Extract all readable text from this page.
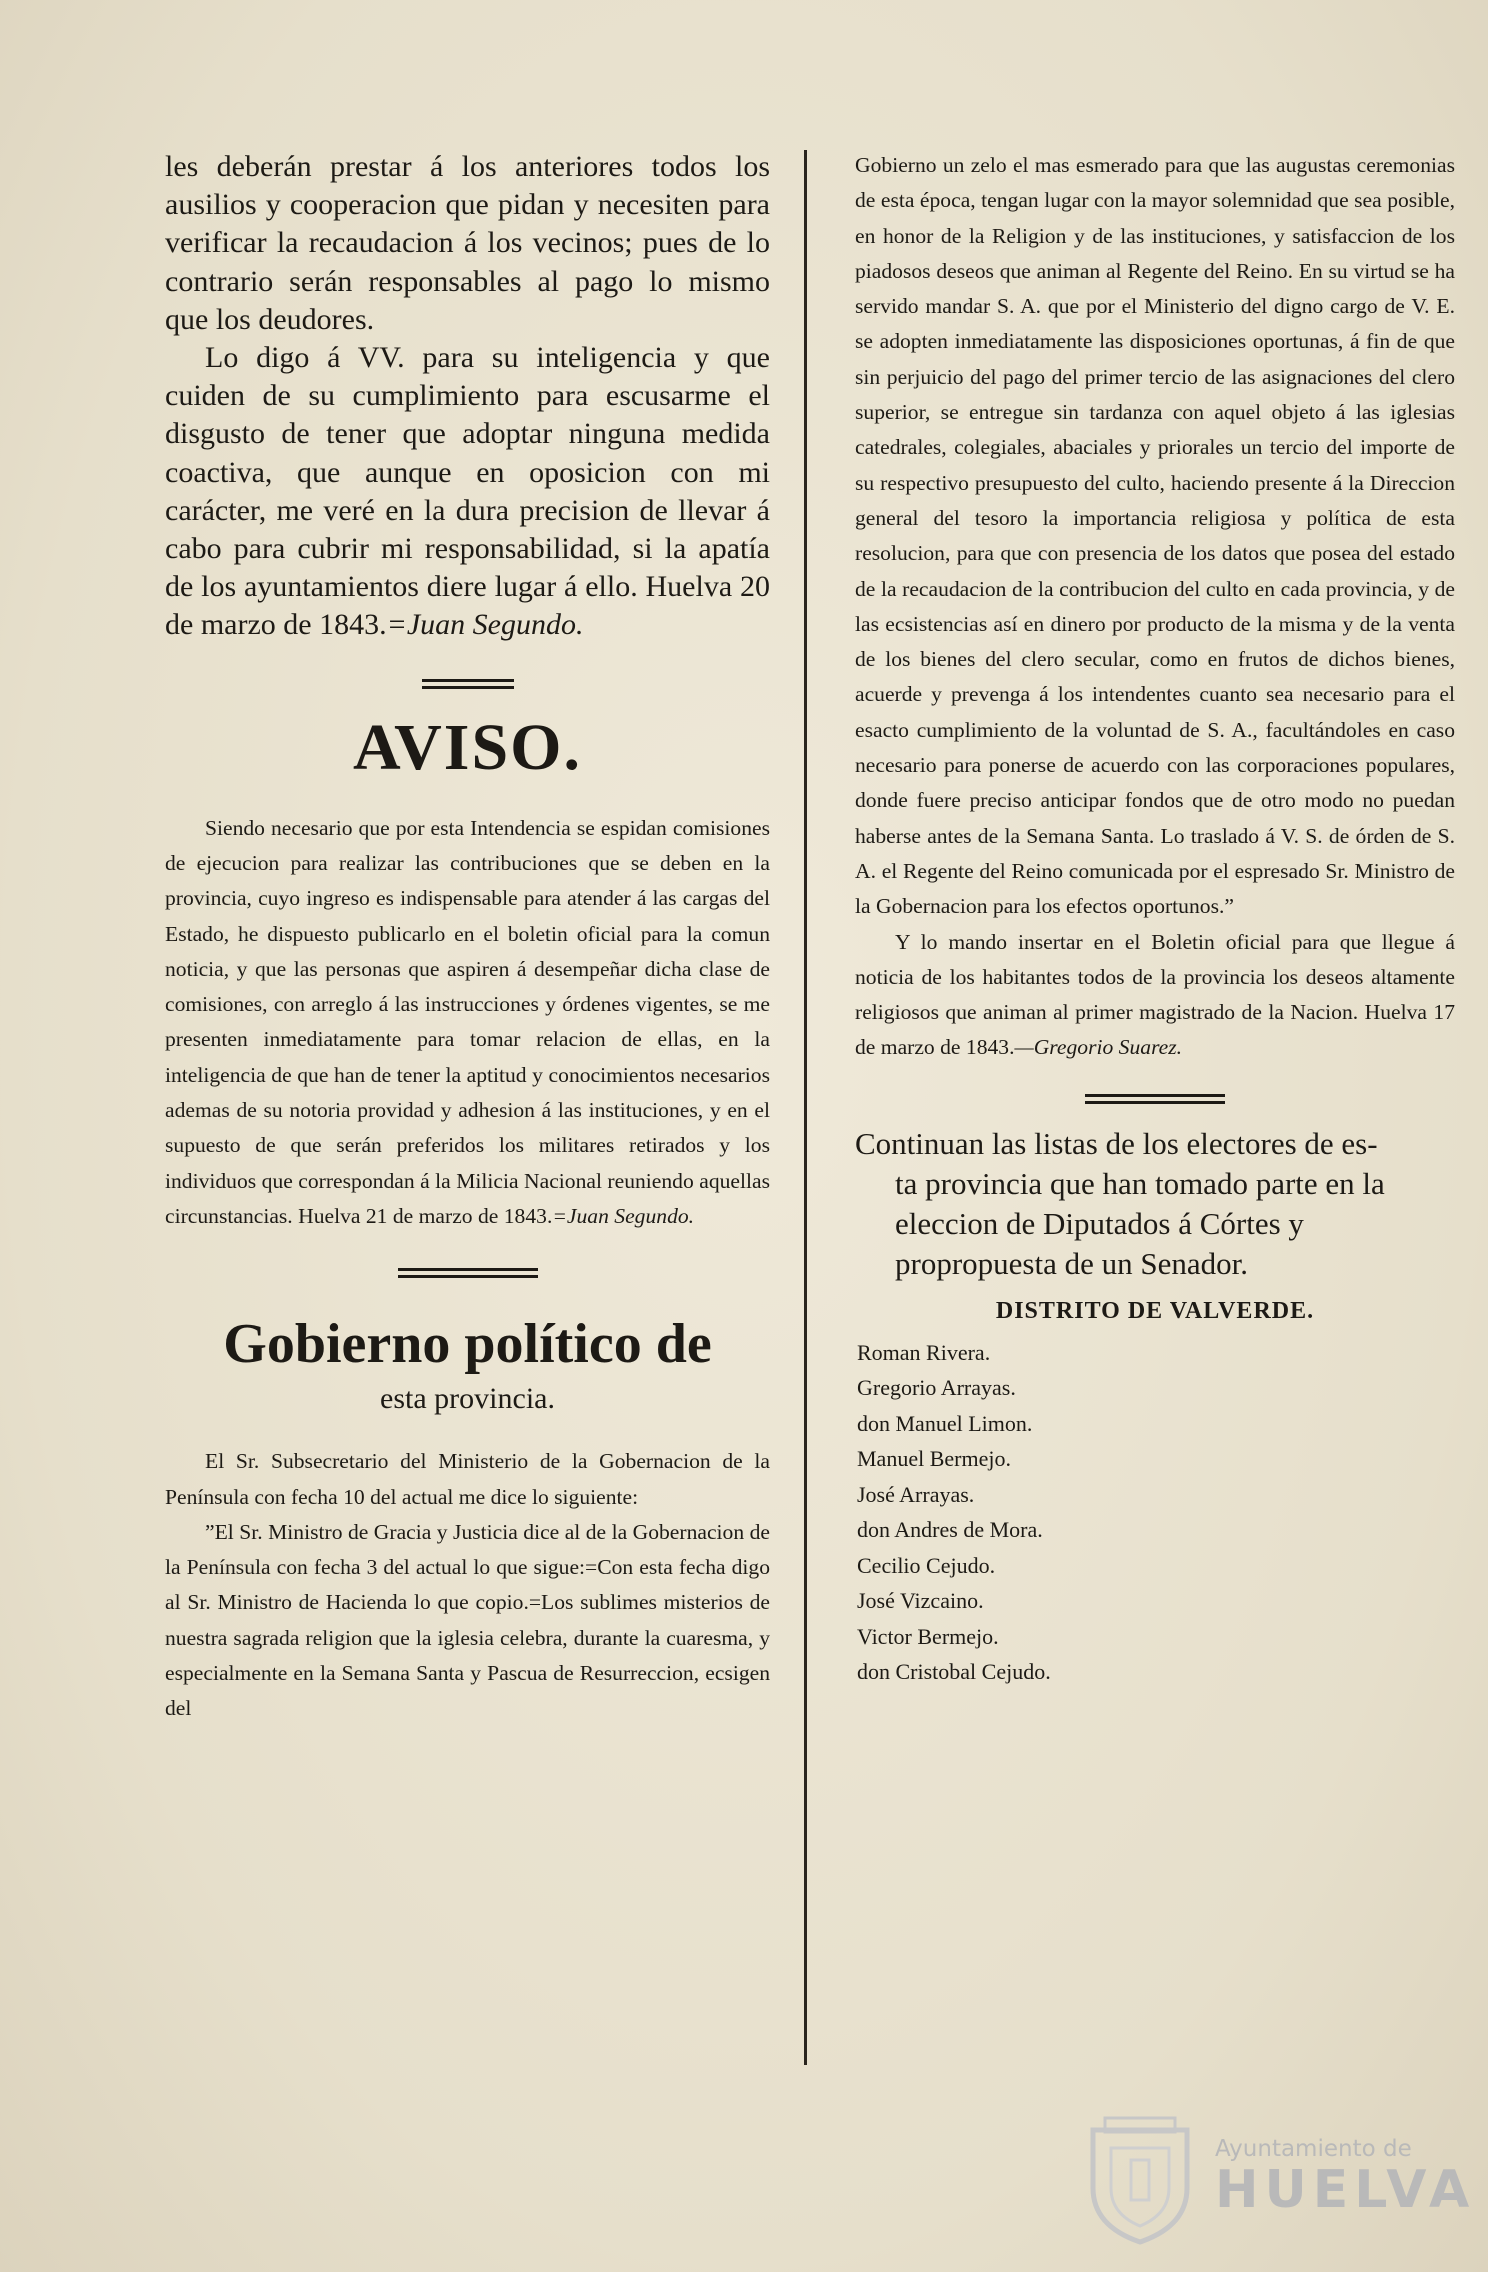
les deberán prestar á los anteriores todos los ausilios y cooperacion que pidan y necesiten para verificar la recaudacion á los vecinos; pues de lo contrario serán responsables al pago lo mismo que los deudores.

Lo digo á VV. para su inteligencia y que cuiden de su cumplimiento para escusarme el disgusto de tener que adoptar ninguna medida coactiva, que aunque en oposicion con mi carácter, me veré en la dura precision de llevar á cabo para cubrir mi responsabilidad, si la apatía de los ayuntamientos diere lugar á ello. Huelva 20 de marzo de 1843.=Juan Segundo.

AVISO.

Siendo necesario que por esta Intendencia se espidan comisiones de ejecucion para realizar las contribuciones que se deben en la provincia, cuyo ingreso es indispensable para atender á las cargas del Estado, he dispuesto publicarlo en el boletin oficial para la comun noticia, y que las personas que aspiren á desempeñar dicha clase de comisiones, con arreglo á las instrucciones y órdenes vigentes, se me presenten inmediatamente para tomar relacion de ellas, en la inteligencia de que han de tener la aptitud y conocimientos necesarios ademas de su notoria providad y adhesion á las instituciones, y en el supuesto de que serán preferidos los militares retirados y los individuos que correspondan á la Milicia Nacional reuniendo aquellas circunstancias. Huelva 21 de marzo de 1843.=Juan Segundo.

Gobierno político de
esta provincia.

El Sr. Subsecretario del Ministerio de la Gobernacion de la Península con fecha 10 del actual me dice lo siguiente:

”El Sr. Ministro de Gracia y Justicia dice al de la Gobernacion de la Península con fecha 3 del actual lo que sigue:=Con esta fecha digo al Sr. Ministro de Hacienda lo que copio.=Los sublimes misterios de nuestra sagrada religion que la iglesia celebra, durante la cuaresma, y especialmente en la Semana Santa y Pascua de Resurreccion, ecsigen del

Gobierno un zelo el mas esmerado para que las augustas ceremonias de esta época, tengan lugar con la mayor solemnidad que sea posible, en honor de la Religion y de las instituciones, y satisfaccion de los piadosos deseos que animan al Regente del Reino. En su virtud se ha servido mandar S. A. que por el Ministerio del digno cargo de V. E. se adopten inmediatamente las disposiciones oportunas, á fin de que sin perjuicio del pago del primer tercio de las asignaciones del clero superior, se entregue sin tardanza con aquel objeto á las iglesias catedrales, colegiales, abaciales y priorales un tercio del importe de su respectivo presupuesto del culto, haciendo presente á la Direccion general del tesoro la importancia religiosa y política de esta resolucion, para que con presencia de los datos que posea del estado de la recaudacion de la contribucion del culto en cada provincia, y de las ecsistencias así en dinero por producto de la misma y de la venta de los bienes del clero secular, como en frutos de dichos bienes, acuerde y prevenga á los intendentes cuanto sea necesario para el esacto cumplimiento de la voluntad de S. A., facultándoles en caso necesario para ponerse de acuerdo con las corporaciones populares, donde fuere preciso anticipar fondos que de otro modo no puedan haberse antes de la Semana Santa. Lo traslado á V. S. de órden de S. A. el Regente del Reino comunicada por el espresado Sr. Ministro de la Gobernacion para los efectos oportunos.”

Y lo mando insertar en el Boletin oficial para que llegue á noticia de los habitantes todos de la provincia los deseos altamente religiosos que animan al primer magistrado de la Nacion. Huelva 17 de marzo de 1843.—Gregorio Suarez.

Continuan las listas de los electores de es-
ta provincia que han tomado parte en la eleccion de Diputados á Córtes y propropuesta de un Senador.
DISTRITO DE VALVERDE.
Roman Rivera.
Gregorio Arrayas.
don Manuel Limon.
Manuel Bermejo.
José Arrayas.
don Andres de Mora.
Cecilio Cejudo.
José Vizcaino.
Victor Bermejo.
don Cristobal Cejudo.
Ayuntamiento de
HUELVA
